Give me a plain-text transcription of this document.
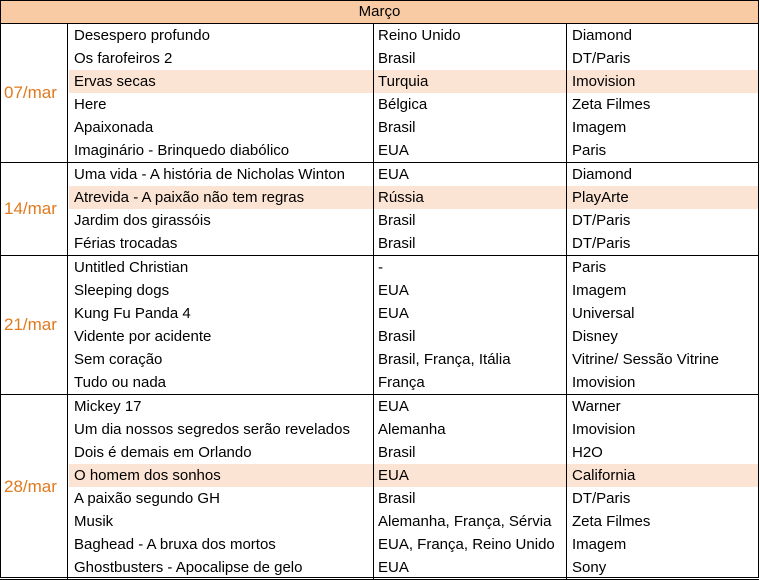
Março
07/mar
Desespero profundo	Reino Unido	Diamond
Os farofeiros 2	Brasil	DT/Paris
Ervas secas	Turquia	Imovision
Here	Bélgica	Zeta Filmes
Apaixonada	Brasil	Imagem
Imaginário - Brinquedo diabólico	EUA	Paris
14/mar
Uma vida - A história de Nicholas Winton	EUA	Diamond
Atrevida - A paixão não tem regras	Rússia	PlayArte
Jardim dos girassóis	Brasil	DT/Paris
Férias trocadas	Brasil	DT/Paris
21/mar
Untitled Christian	-	Paris
Sleeping dogs	EUA	Imagem
Kung Fu Panda 4	EUA	Universal
Vidente por acidente	Brasil	Disney
Sem coração	Brasil, França, Itália	Vitrine/ Sessão Vitrine
Tudo ou nada	França	Imovision
28/mar
Mickey 17	EUA	Warner
Um dia nossos segredos serão revelados	Alemanha	Imovision
Dois é demais em Orlando	Brasil	H2O
O homem dos sonhos	EUA	California
A paixão segundo GH	Brasil	DT/Paris
Musik	Alemanha, França, Sérvia	Zeta Filmes
Baghead - A bruxa dos mortos	EUA, França, Reino Unido	Imagem
Ghostbusters - Apocalipse de gelo	EUA	Sony
